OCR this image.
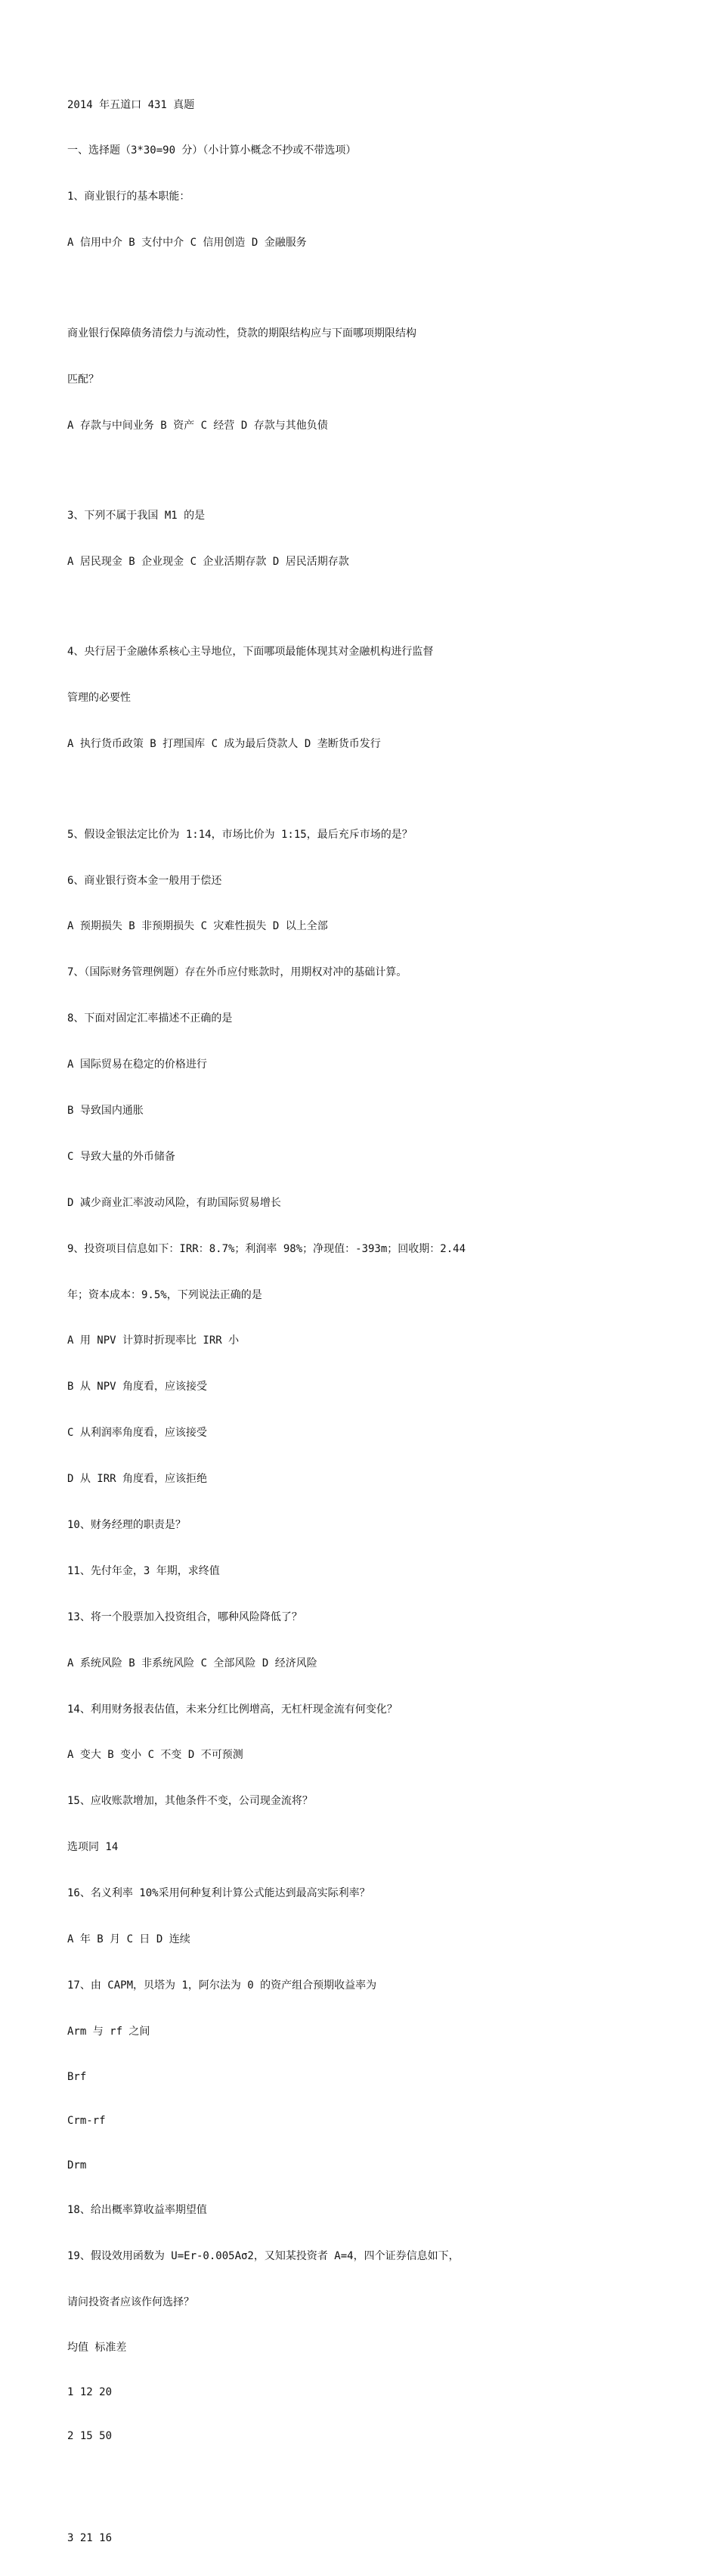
2014 年五道口 431 真题

一、选择题（3*30=90 分）（小计算小概念不抄或不带选项）

1、商业银行的基本职能：

A 信用中介 B 支付中介 C 信用创造 D 金融服务

商业银行保障债务清偿力与流动性，贷款的期限结构应与下面哪项期限结构

匹配？

A 存款与中间业务 B 资产 C 经营 D 存款与其他负债

3、下列不属于我国 M1 的是

A 居民现金 B 企业现金 C 企业活期存款 D 居民活期存款

4、央行居于金融体系核心主导地位，下面哪项最能体现其对金融机构进行监督

管理的必要性

A 执行货币政策 B 打理国库 C 成为最后贷款人 D 垄断货币发行

5、假设金银法定比价为 1:14，市场比价为 1:15，最后充斥市场的是？

6、商业银行资本金一般用于偿还

A 预期损失 B 非预期损失 C 灾难性损失 D 以上全部

7、（国际财务管理例题）存在外币应付账款时，用期权对冲的基础计算。

8、下面对固定汇率描述不正确的是

A 国际贸易在稳定的价格进行

B 导致国内通胀

C 导致大量的外币储备

D 减少商业汇率波动风险，有助国际贸易增长

9、投资项目信息如下：IRR：8.7%；利润率 98%；净现值：-393m；回收期：2.44

年；资本成本：9.5%，下列说法正确的是

A 用 NPV 计算时折现率比 IRR 小

B 从 NPV 角度看，应该接受

C 从利润率角度看，应该接受

D 从 IRR 角度看，应该拒绝

10、财务经理的职责是？

11、先付年金，3 年期，求终值

13、将一个股票加入投资组合，哪种风险降低了？

A 系统风险 B 非系统风险 C 全部风险 D 经济风险

14、利用财务报表估值，未来分红比例增高，无杠杆现金流有何变化？

A 变大 B 变小 C 不变 D 不可预测

15、应收账款增加，其他条件不变，公司现金流将？

选项同 14

16、名义利率 10%采用何种复利计算公式能达到最高实际利率？

A 年 B 月 C 日 D 连续

17、由 CAPM，贝塔为 1，阿尔法为 0 的资产组合预期收益率为

Arm 与 rf 之间

Brf

Crm-rf

Drm

18、给出概率算收益率期望值

19、假设效用函数为 U=Er-0.005Aσ2，又知某投资者 A=4，四个证券信息如下，

请问投资者应该作何选择？

均值 标准差

1 12 20

2 15 50

3 21 16
